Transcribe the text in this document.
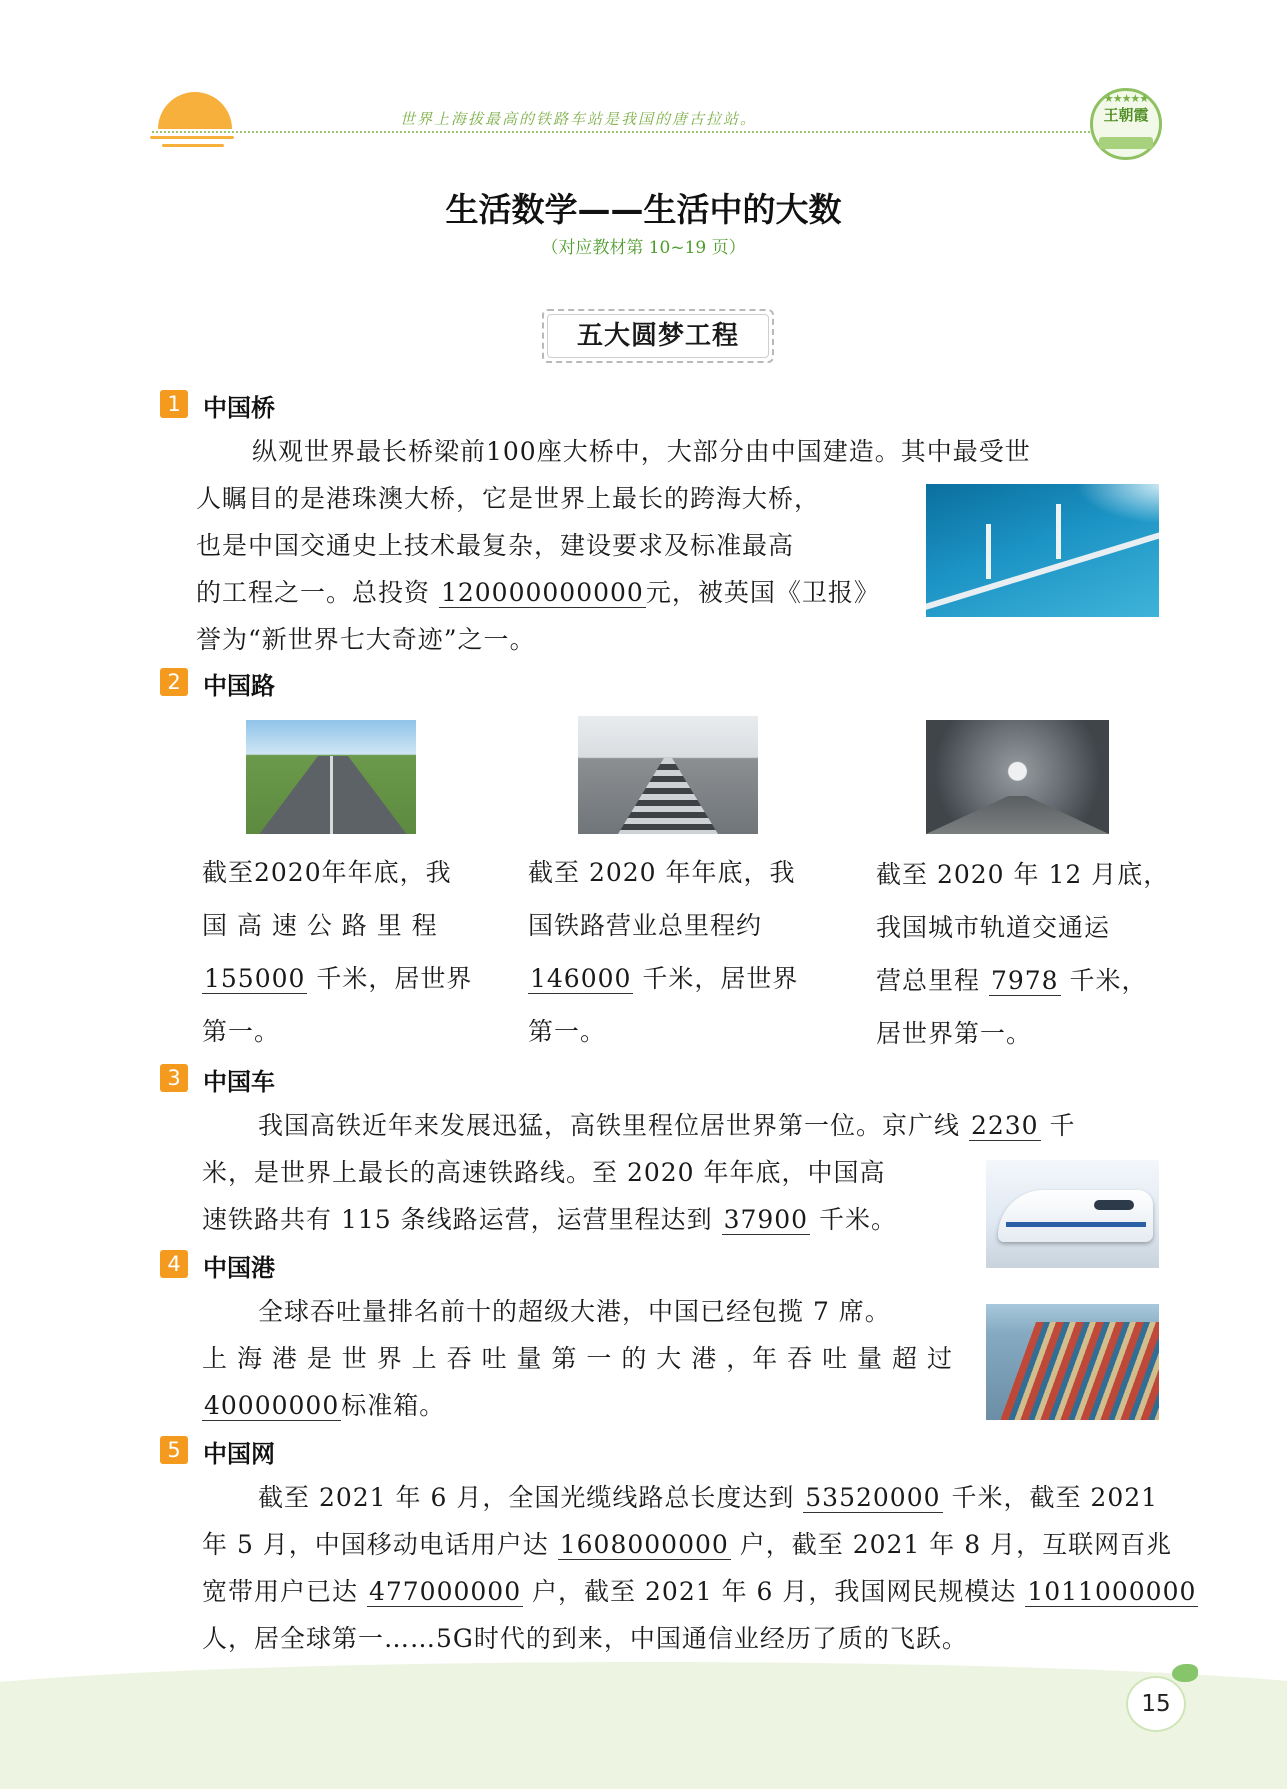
世界上海拔最高的铁路车站是我国的唐古拉站。
★★★★★
王朝霞
生活数学——生活中的大数
（对应教材第 10~19 页）
五大圆梦工程
1 中国桥
纵观世界最长桥梁前100座大桥中，大部分由中国建造。其中最受世
人瞩目的是港珠澳大桥，它是世界上最长的跨海大桥，
也是中国交通史上技术最复杂，建设要求及标准最高
的工程之一。总投资 120000000000元，被英国《卫报》
誉为“新世界七大奇迹”之一。
2 中国路
截至2020年年底，我
国 高 速 公 路 里 程
155000 千米，居世界
第一。
截至 2020 年年底，我
国铁路营业总里程约
146000 千米，居世界
第一。
截至 2020 年 12 月底，
我国城市轨道交通运
营总里程 7978 千米，
居世界第一。
3 中国车
我国高铁近年来发展迅猛，高铁里程位居世界第一位。京广线 2230 千
米，是世界上最长的高速铁路线。至 2020 年年底，中国高
速铁路共有 115 条线路运营，运营里程达到 37900 千米。
4 中国港
全球吞吐量排名前十的超级大港，中国已经包揽 7 席。
上 海 港 是 世 界 上 吞 吐 量 第 一 的 大 港 ，年 吞 吐 量 超 过
40000000标准箱。
5 中国网
截至 2021 年 6 月，全国光缆线路总长度达到 53520000 千米，截至 2021
年 5 月，中国移动电话用户达 1608000000 户，截至 2021 年 8 月，互联网百兆
宽带用户已达 477000000 户，截至 2021 年 6 月，我国网民规模达 1011000000
人，居全球第一……5G时代的到来，中国通信业经历了质的飞跃。
15
